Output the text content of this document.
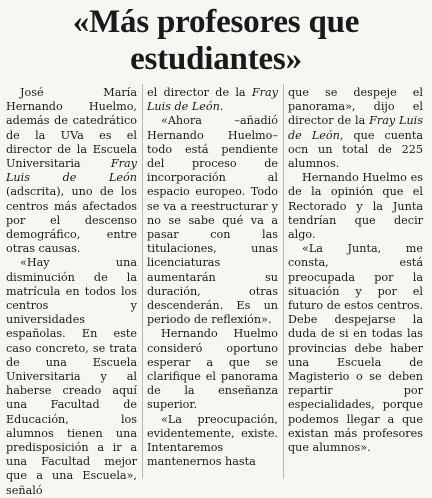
«Más profesores que
estudiantes»

José María Hernando Huelmo, además de catedrático de la UVa es el director de la Escuela Universitaria Fray Luis de León (adscrita), uno de los centros más afectados por el descenso demográfico, entre otras causas.

«Hay una disminución de la matrícula en todos los centros y universidades españolas. En este caso concreto, se trata de una Escuela Universitaria y al haberse creado aquí una Facultad de Educación, los alumnos tienen una predisposición a ir a una Facultad mejor que a una Escuela», señaló

el director de la Fray Luis de León.

«Ahora –añadió Hernando Huelmo– todo está pendiente del proceso de incorporación al espacio europeo. Todo se va a reestructurar y no se sabe qué va a pasar con las titulaciones, unas licenciaturas aumentarán su duración, otras descenderán. Es un periodo de reflexión».

Hernando Huelmo consideró oportuno esperar a que se clarifique el panorama de la enseñanza superior.

«La preocupación, evidentemente, existe. Intentaremos mantenernos hasta

que se despeje el panorama», dijo el director de la Fray Luis de León, que cuenta ocn un total de 225 alumnos.

Hernando Huelmo es de la opinión que el Rectorado y la Junta tendrían que decir algo.

«La Junta, me consta, está preocupada por la situación y por el futuro de estos centros. Debe despejarse la duda de si en todas las provincias debe haber una Escuela de Magisterio o se deben repartir por especialidades, porque podemos llegar a que existan más profesores que alumnos».
